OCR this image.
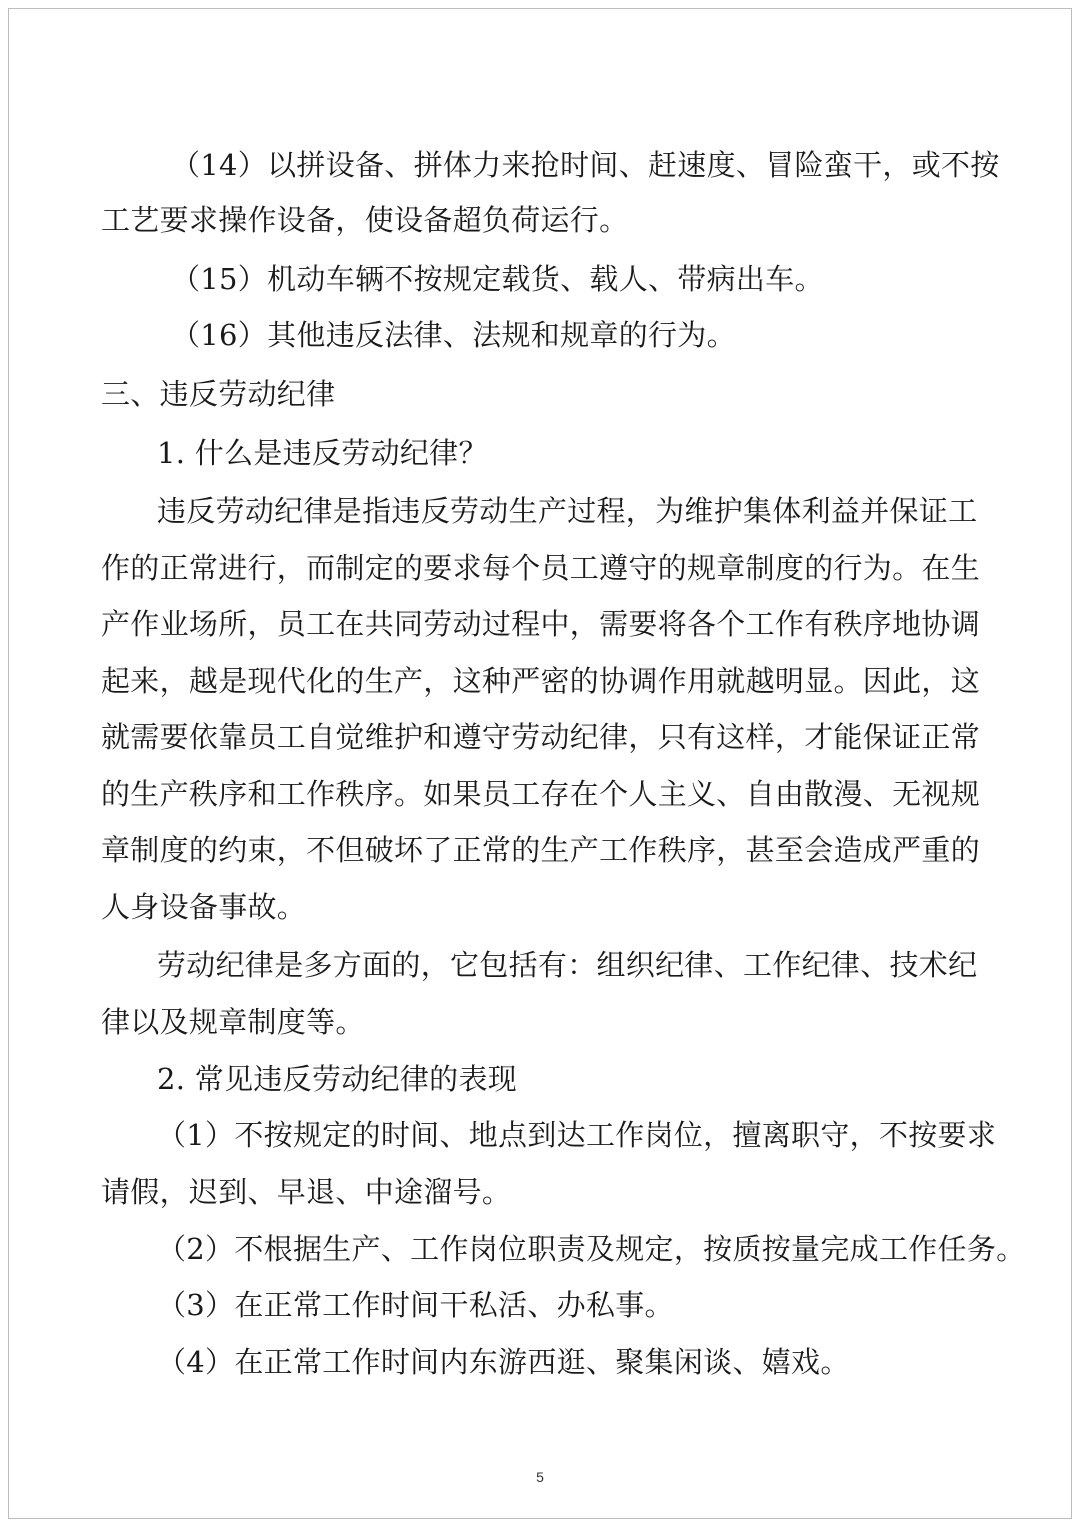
（14）以拼设备、拼体力来抢时间、赶速度、冒险蛮干，或不按
工艺要求操作设备，使设备超负荷运行。
（15）机动车辆不按规定载货、载人、带病出车。
（16）其他违反法律、法规和规章的行为。
三、违反劳动纪律
1. 什么是违反劳动纪律？
违反劳动纪律是指违反劳动生产过程，为维护集体利益并保证工
作的正常进行，而制定的要求每个员工遵守的规章制度的行为。在生
产作业场所，员工在共同劳动过程中，需要将各个工作有秩序地协调
起来，越是现代化的生产，这种严密的协调作用就越明显。因此，这
就需要依靠员工自觉维护和遵守劳动纪律，只有这样，才能保证正常
的生产秩序和工作秩序。如果员工存在个人主义、自由散漫、无视规
章制度的约束，不但破坏了正常的生产工作秩序，甚至会造成严重的
人身设备事故。
劳动纪律是多方面的，它包括有：组织纪律、工作纪律、技术纪
律以及规章制度等。
2. 常见违反劳动纪律的表现
（1）不按规定的时间、地点到达工作岗位，擅离职守，不按要求
请假，迟到、早退、中途溜号。
（2）不根据生产、工作岗位职责及规定，按质按量完成工作任务。
（3）在正常工作时间干私活、办私事。
（4）在正常工作时间内东游西逛、聚集闲谈、嬉戏。
5
